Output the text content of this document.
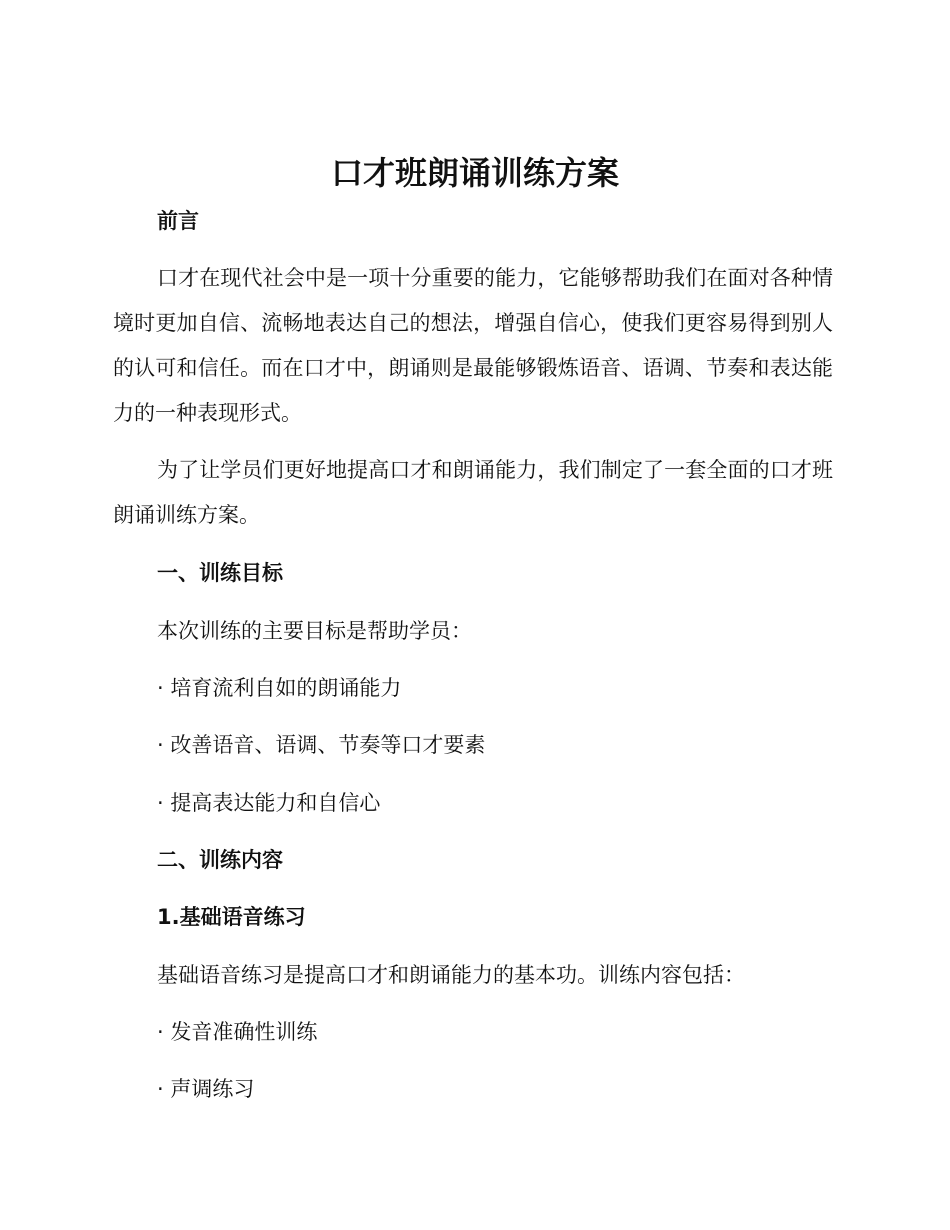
口才班朗诵训练方案
前言

口才在现代社会中是一项十分重要的能力，它能够帮助我们在面对各种情境时更加自信、流畅地表达自己的想法，增强自信心，使我们更容易得到别人的认可和信任。而在口才中，朗诵则是最能够锻炼语音、语调、节奏和表达能力的一种表现形式。

为了让学员们更好地提高口才和朗诵能力，我们制定了一套全面的口才班朗诵训练方案。

一、训练目标

本次训练的主要目标是帮助学员：

· 培育流利自如的朗诵能力

· 改善语音、语调、节奏等口才要素

· 提高表达能力和自信心

二、训练内容
1.基础语音练习

基础语音练习是提高口才和朗诵能力的基本功。训练内容包括：

· 发音准确性训练

· 声调练习
